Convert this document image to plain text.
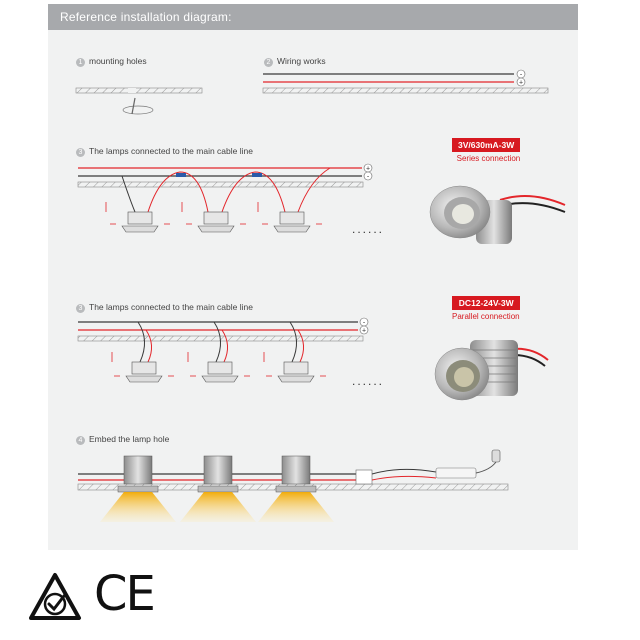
Reference installation diagram:
-
+
+
-
-
+
1 mounting holes	2 Wiring works
3 The lamps connected to the main cable line
3 The lamps connected to the main cable line
4 Embed the lamp hole
3V/630mA-3W
Series connection
DC12-24V-3W
Parallel connection
......
......
CE
